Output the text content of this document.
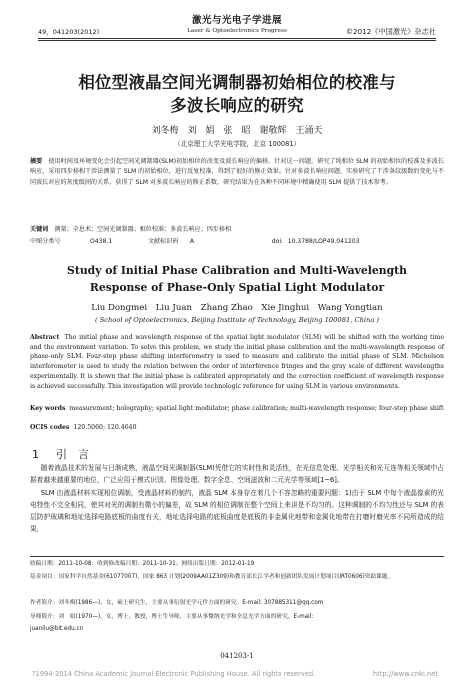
49，041203(2012)
激光与光电子学进展
Laser & Optoelectronics Progress	©2012《中国激光》杂志社
相位型液晶空间光调制器初始相位的校准与
多波长响应的研究
刘冬梅　刘　娟　张　昭　谢敬辉　王涌天
（北京理工大学光电学院，北京 100081）
摘要　 使用时间及环境变化会引起空间光调制器(SLM)初始相位的改变及波长响应的偏移。针对这一问题，研究了纯相位 SLM 的初始相位的校准及多波长响应，采用四步移相干涉法测量了 SLM 的初始相位，进行反复校准，得到了很好的修正效果。针对多波长响应问题，实验研究了干涉条纹级数的变化与不同波长对应的灰度级间的关系，获得了 SLM 对多波长响应的修正系数。研究结果为在各种不同环境中精确使用 SLM 提供了技术参考。
关键词　 测量；全息术；空间光调制器；相位校准；多波长响应；四步移相
中图分类号	O438.1	文献标识码 A	doi: 10.3788/LOP49.041203
Study of Initial Phase Calibration and Multi-Wavelength
Response of Phase-Only Spatial Light Modulator
Liu Dongmei　Liu Juan　Zhang Zhao　Xie Jinghui　Wang Yongtian
( School of Optoelectronics, Beijing Institute of Technology, Beijing 100081, China )
Abstract The initial phase and wavelength response of the spatial light modulator (SLM) will be shifted with the working time and the environment variation. To solve this problem, we study the initial phase calibration and the multi-wavelength response of phase-only SLM. Four-step phase shifting interferometry is used to measure and calibrate the initial phase of SLM. Michelson interferometer is used to study the relation between the order of interference fringes and the gray scale of different wavelengths experimentally. It is shown that the initial phase is calibrated appropriately and the correction coefficient of wavelength response is achieved successfully. This investigation will provide technologic reference for using SLM in various environments.
Key words measurement; holography; spatial light modulator; phase calibration; multi-wavelength response; four-step phase shift
OCIS codes 120.5060; 120.4640
1 引　言

随着液晶技术的发展与日渐成熟，液晶空间光调制器(SLM)凭借它的实时性和灵活性，在光信息处理、光学相关和光互连等相关领域中占据着越来越重要的地位，广泛应用于模式识别、图像处理、数字全息、空间滤波和二元光学等领域[1~6]。

SLM 由液晶材料实现相位调制，受液晶材料的制约，液晶 SLM 本身存在着几个不容忽略的重要问题：1)由于 SLM 中每个液晶像素的光电特性不完全相同，使其对光的调制有微小的偏差，故 SLM 的相位调制在整个空间上来讲是不均匀的。这种调制的不均匀性还与 SLM 的表层防护玻璃和地址选择电路底板的曲度有关，地址选择电路的底板曲度是底板的非金属化地带和金属化地带在打磨时磨光率不同所造成的结果，

收稿日期：2011-10-08；收到修改稿日期：2011-10-31；网络出版日期：2012-01-19
基金项目：国家科学自然基金(61077007)，国家 863 计划(2009AA01Z309)和教育部长江学者和创新团队发展计划项目(IRT0606)资助课题。
作者简介：刘冬梅(1986—)，女，硕士研究生，主要从事衍射光学元件方面的研究。E-mail: 307885311@qq.com
导师简介：刘　娟(1970—)，女，博士，教授，博士生导师，主要从事微纳光学和全息光学方面的研究。E-mail:
juanliu@bit.edu.cn
041203-1
?1994-2014 China Academic Journal Electronic Publishing House. All rights reserved.	http://www.cnki.net
